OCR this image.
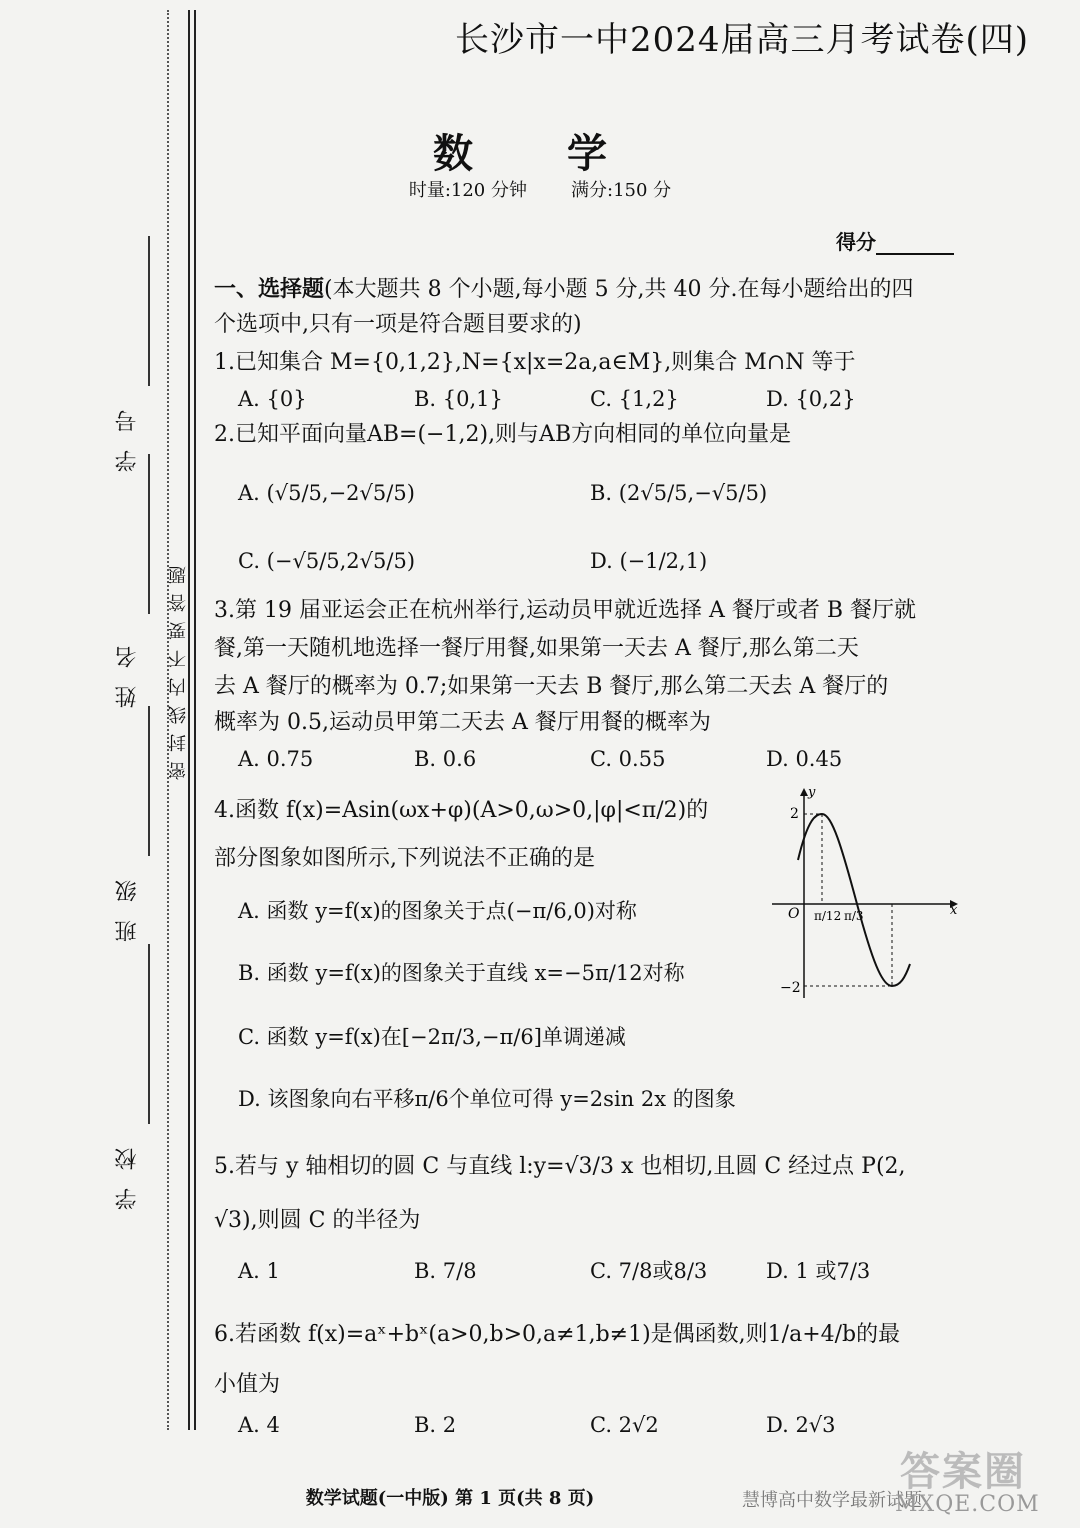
学号
姓名
班级
学校
密封线内不要答题
长沙市一中2024届高三月考试卷(四)
数 学
时量:120 分钟 满分:150 分
得分
一、选择题(本大题共 8 个小题,每小题 5 分,共 40 分.在每小题给出的四
个选项中,只有一项是符合题目要求的)
1.已知集合 M={0,1,2},N={x|x=2a,a∈M},则集合 M∩N 等于
A. {0}	B. {0,1}	C. {1,2}	D. {0,2}
2.已知平面向量AB=(−1,2),则与AB方向相同的单位向量是
A. (√5/5,−2√5/5)	B. (2√5/5,−√5/5)
C. (−√5/5,2√5/5)	D. (−1/2,1)
3.第 19 届亚运会正在杭州举行,运动员甲就近选择 A 餐厅或者 B 餐厅就
餐,第一天随机地选择一餐厅用餐,如果第一天去 A 餐厅,那么第二天
去 A 餐厅的概率为 0.7;如果第一天去 B 餐厅,那么第二天去 A 餐厅的
概率为 0.5,运动员甲第二天去 A 餐厅用餐的概率为
A. 0.75	B. 0.6	C. 0.55	D. 0.45
4.函数 f(x)=Asin(ωx+φ)(A>0,ω>0,|φ|<π/2)的
部分图象如图所示,下列说法不正确的是
A. 函数 y=f(x)的图象关于点(−π/6,0)对称
B. 函数 y=f(x)的图象关于直线 x=−5π/12对称
C. 函数 y=f(x)在[−2π/3,−π/6]单调递减
D. 该图象向右平移π/6个单位可得 y=2sin 2x 的图象
y
x
O
2
−2
π/12 π/3
5.若与 y 轴相切的圆 C 与直线 l:y=√3/3 x 也相切,且圆 C 经过点 P(2,
√3),则圆 C 的半径为
A. 1	B. 7/8	C. 7/8或8/3	D. 1 或7/3
6.若函数 f(x)=aˣ+bˣ(a>0,b>0,a≠1,b≠1)是偶函数,则1/a+4/b的最
小值为
A. 4	B. 2	C. 2√2	D. 2√3
数学试题(一中版) 第 1 页(共 8 页)
答案圈
慧博高中数学最新试题
MXQE.COM
